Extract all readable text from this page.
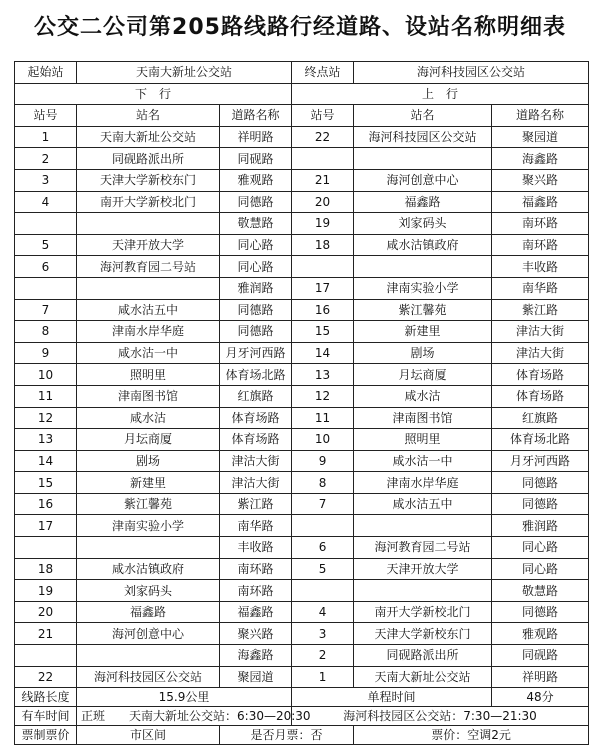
公交二公司第205路线路行经道路、设站名称明细表
起始站	天南大新址公交站		终点站	海河科技园区公交站	
下　行			上　行		
站号	站名	道路名称	站号	站名	道路名称
1	天南大新址公交站	祥明路	22	海河科技园区公交站	聚园道
2	同砚路派出所	同砚路			海鑫路
3	天津大学新校东门	雅观路	21	海河创意中心	聚兴路
4	南开大学新校北门	同德路	20	福鑫路	福鑫路
		敬慧路	19	刘家码头	南环路
5	天津开放大学	同心路	18	咸水沽镇政府	南环路
6	海河教育园二号站	同心路			丰收路
		雅润路	17	津南实验小学	南华路
7	咸水沽五中	同德路	16	紫江馨苑	紫江路
8	津南水岸华庭	同德路	15	新建里	津沽大街
9	咸水沽一中	月牙河西路	14	剧场	津沽大街
10	照明里	体育场北路	13	月坛商厦	体育场路
11	津南图书馆	红旗路	12	咸水沽	体育场路
12	咸水沽	体育场路	11	津南图书馆	红旗路
13	月坛商厦	体育场路	10	照明里	体育场北路
14	剧场	津沽大街	9	咸水沽一中	月牙河西路
15	新建里	津沽大街	8	津南水岸华庭	同德路
16	紫江馨苑	紫江路	7	咸水沽五中	同德路
17	津南实验小学	南华路			雅润路
		丰收路	6	海河教育园二号站	同心路
18	咸水沽镇政府	南环路	5	天津开放大学	同心路
19	刘家码头	南环路			敬慧路
20	福鑫路	福鑫路	4	南开大学新校北门	同德路
21	海河创意中心	聚兴路	3	天津大学新校东门	雅观路
		海鑫路	2	同砚路派出所	同砚路
22	海河科技园区公交站	聚园道	1	天南大新址公交站	祥明路
线路长度	15.9公里		单程时间		48分
有车时间	正班　　 天南大新址公交站：6:30—20:30		海河科技园区公交站：7:30—21:30		
票制票价	市区间	是否月票：否		票价：空调2元	
